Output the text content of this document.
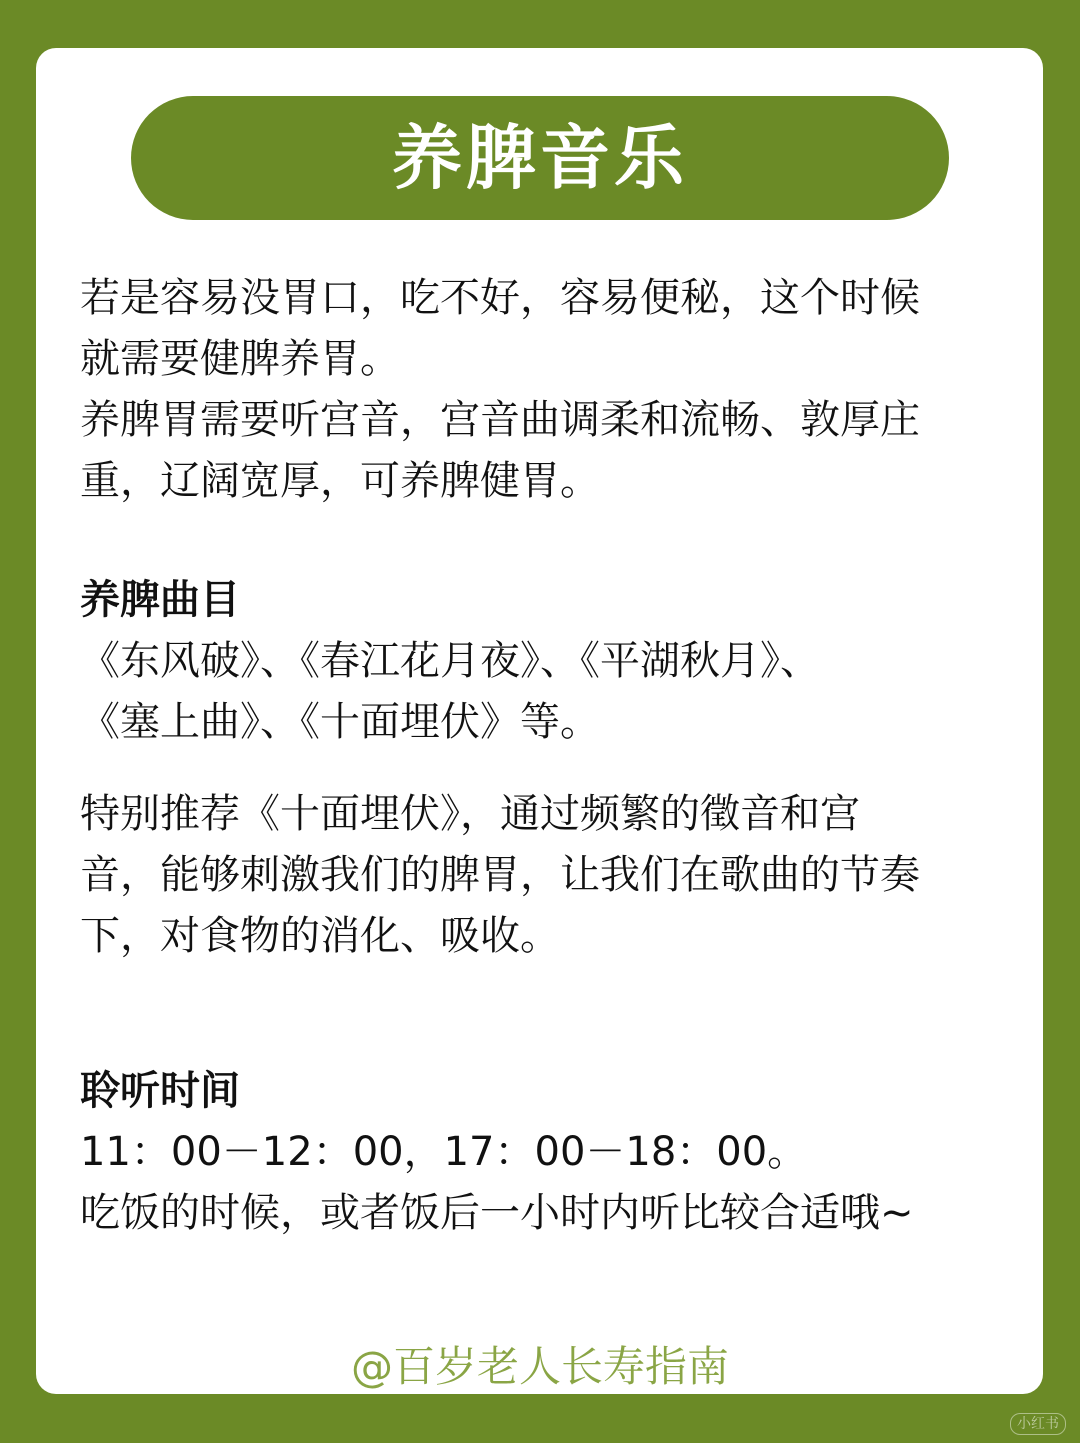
养脾音乐
若是容易没胃口，吃不好，容易便秘，这个时候
就需要健脾养胃。
养脾胃需要听宫音，宫音曲调柔和流畅、敦厚庄
重，辽阔宽厚，可养脾健胃。
养脾曲目
《东风破》、《春江花月夜》、《平湖秋月》、
《塞上曲》、《十面埋伏》等。
特别推荐《十面埋伏》，通过频繁的徵音和宫
音，能够刺激我们的脾胃，让我们在歌曲的节奏
下，对食物的消化、吸收。
聆听时间
11：00－12：00，17：00－18：00。
吃饭的时候，或者饭后一小时内听比较合适哦~
@百岁老人长寿指南
小红书
